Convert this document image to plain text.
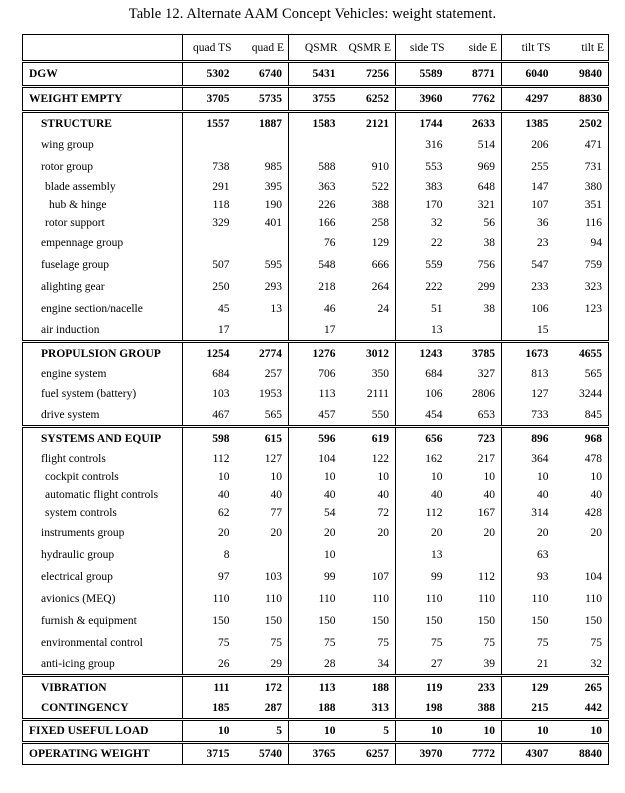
Table 12. Alternate AAM Concept Vehicles: weight statement.
	quad TS	quad E	QSMR	QSMR E	side TS	side E	tilt TS	tilt E
DGW	5302	6740	5431	7256	5589	8771	6040	9840
WEIGHT EMPTY	3705	5735	3755	6252	3960	7762	4297	8830
STRUCTURE	1557	1887	1583	2121	1744	2633	1385	2502
wing group					316	514	206	471
rotor group	738	985	588	910	553	969	255	731
blade assembly	291	395	363	522	383	648	147	380
hub & hinge	118	190	226	388	170	321	107	351
rotor support	329	401	166	258	32	56	36	116
empennage group			76	129	22	38	23	94
fuselage group	507	595	548	666	559	756	547	759
alighting gear	250	293	218	264	222	299	233	323
engine section/nacelle	45	13	46	24	51	38	106	123
air induction	17		17		13		15	
PROPULSION GROUP	1254	2774	1276	3012	1243	3785	1673	4655
engine system	684	257	706	350	684	327	813	565
fuel system (battery)	103	1953	113	2111	106	2806	127	3244
drive system	467	565	457	550	454	653	733	845
SYSTEMS AND EQUIP	598	615	596	619	656	723	896	968
flight controls	112	127	104	122	162	217	364	478
cockpit controls	10	10	10	10	10	10	10	10
automatic flight controls	40	40	40	40	40	40	40	40
system controls	62	77	54	72	112	167	314	428
instruments group	20	20	20	20	20	20	20	20
hydraulic group	8		10		13		63	
electrical group	97	103	99	107	99	112	93	104
avionics (MEQ)	110	110	110	110	110	110	110	110
furnish & equipment	150	150	150	150	150	150	150	150
environmental control	75	75	75	75	75	75	75	75
anti-icing group	26	29	28	34	27	39	21	32
VIBRATION	111	172	113	188	119	233	129	265
CONTINGENCY	185	287	188	313	198	388	215	442
FIXED USEFUL LOAD	10	5	10	5	10	10	10	10
OPERATING WEIGHT	3715	5740	3765	6257	3970	7772	4307	8840
